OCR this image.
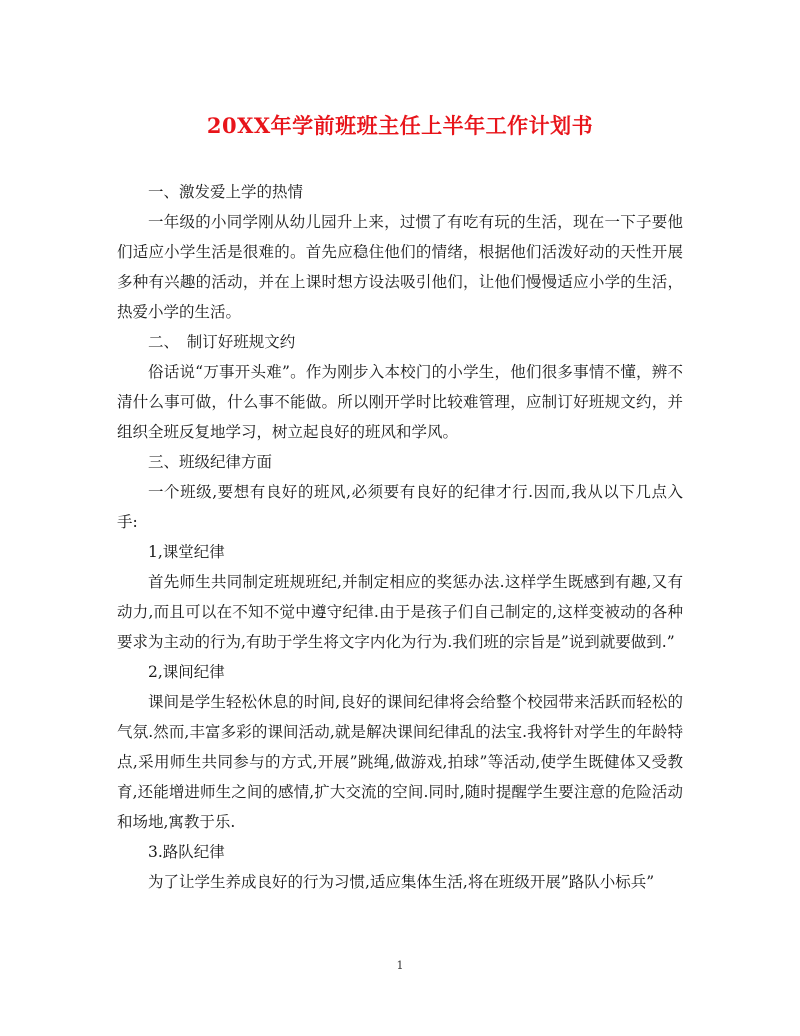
20XX年学前班班主任上半年工作计划书

一、激发爱上学的热情

一年级的小同学刚从幼儿园升上来，过惯了有吃有玩的生活，现在一下子要他们适应小学生活是很难的。首先应稳住他们的情绪，根据他们活泼好动的天性开展多种有兴趣的活动，并在上课时想方设法吸引他们，让他们慢慢适应小学的生活，热爱小学的生活。

二、　制订好班规文约

俗话说“万事开头难”。作为刚步入本校门的小学生，他们很多事情不懂，辨不清什么事可做，什么事不能做。所以刚开学时比较难管理，应制订好班规文约，并组织全班反复地学习，树立起良好的班风和学风。

三、班级纪律方面

一个班级,要想有良好的班风,必须要有良好的纪律才行.因而,我从以下几点入手:

1,课堂纪律

首先师生共同制定班规班纪,并制定相应的奖惩办法.这样学生既感到有趣,又有动力,而且可以在不知不觉中遵守纪律.由于是孩子们自己制定的,这样变被动的各种要求为主动的行为,有助于学生将文字内化为行为.我们班的宗旨是”说到就要做到.”

2,课间纪律

课间是学生轻松休息的时间,良好的课间纪律将会给整个校园带来活跃而轻松的气氛.然而,丰富多彩的课间活动,就是解决课间纪律乱的法宝.我将针对学生的年龄特点,采用师生共同参与的方式,开展”跳绳,做游戏,拍球”等活动,使学生既健体又受教育,还能增进师生之间的感情,扩大交流的空间.同时,随时提醒学生要注意的危险活动和场地,寓教于乐.

3.路队纪律

为了让学生养成良好的行为习惯,适应集体生活,将在班级开展”路队小标兵”

1
